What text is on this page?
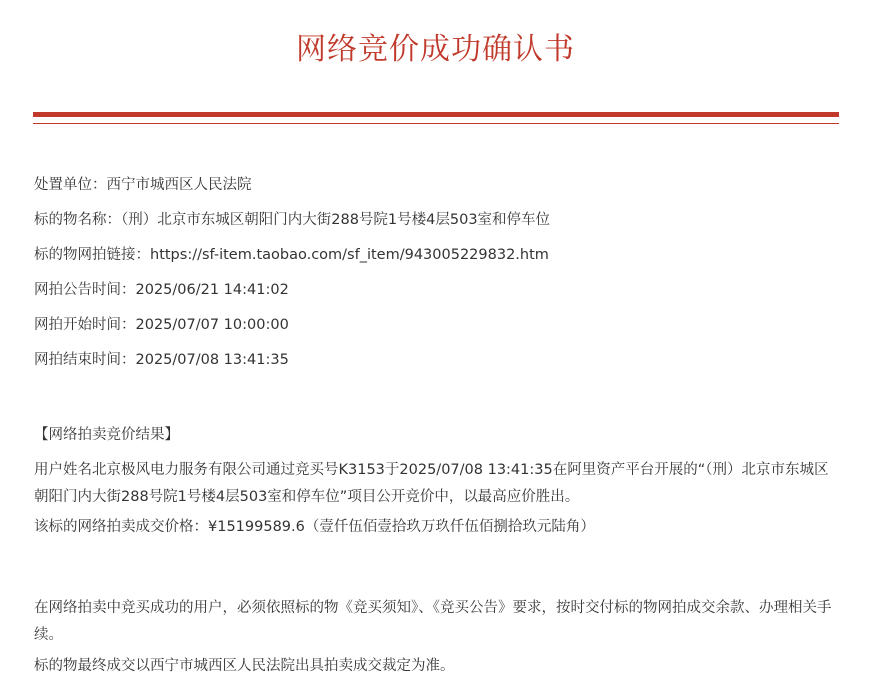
网络竞价成功确认书
处置单位：西宁市城西区人民法院
标的物名称：（刑）北京市东城区朝阳门内大街288号院1号楼4层503室和停车位
标的物网拍链接：https://sf-item.taobao.com/sf_item/943005229832.htm
网拍公告时间：2025/06/21 14:41:02
网拍开始时间：2025/07/07 10:00:00
网拍结束时间：2025/07/08 13:41:35
【网络拍卖竞价结果】
用户姓名北京极风电力服务有限公司通过竞买号K3153于2025/07/08 13:41:35在阿里资产平台开展的“（刑）北京市东城区朝阳门内大街288号院1号楼4层503室和停车位”项目公开竞价中，以最高应价胜出。
该标的网络拍卖成交价格：¥15199589.6（壹仟伍佰壹拾玖万玖仟伍佰捌拾玖元陆角）
在网络拍卖中竞买成功的用户，必须依照标的物《竞买须知》、《竞买公告》要求，按时交付标的物网拍成交余款、办理相关手续。
标的物最终成交以西宁市城西区人民法院出具拍卖成交裁定为准。
